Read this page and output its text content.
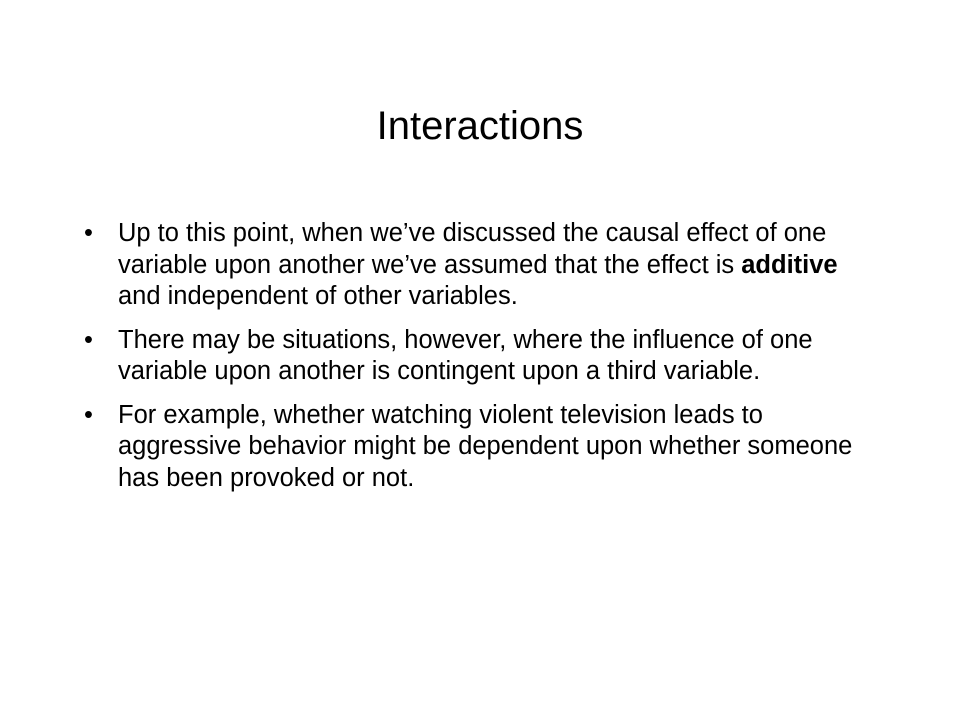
Interactions
• Up to this point, when we’ve discussed the causal effect of one variable upon another we’ve assumed that the effect is additive and independent of other variables.
• There may be situations, however, where the influence of one variable upon another is contingent upon a third variable.
• For example, whether watching violent television leads to aggressive behavior might be dependent upon whether someone has been provoked or not.
